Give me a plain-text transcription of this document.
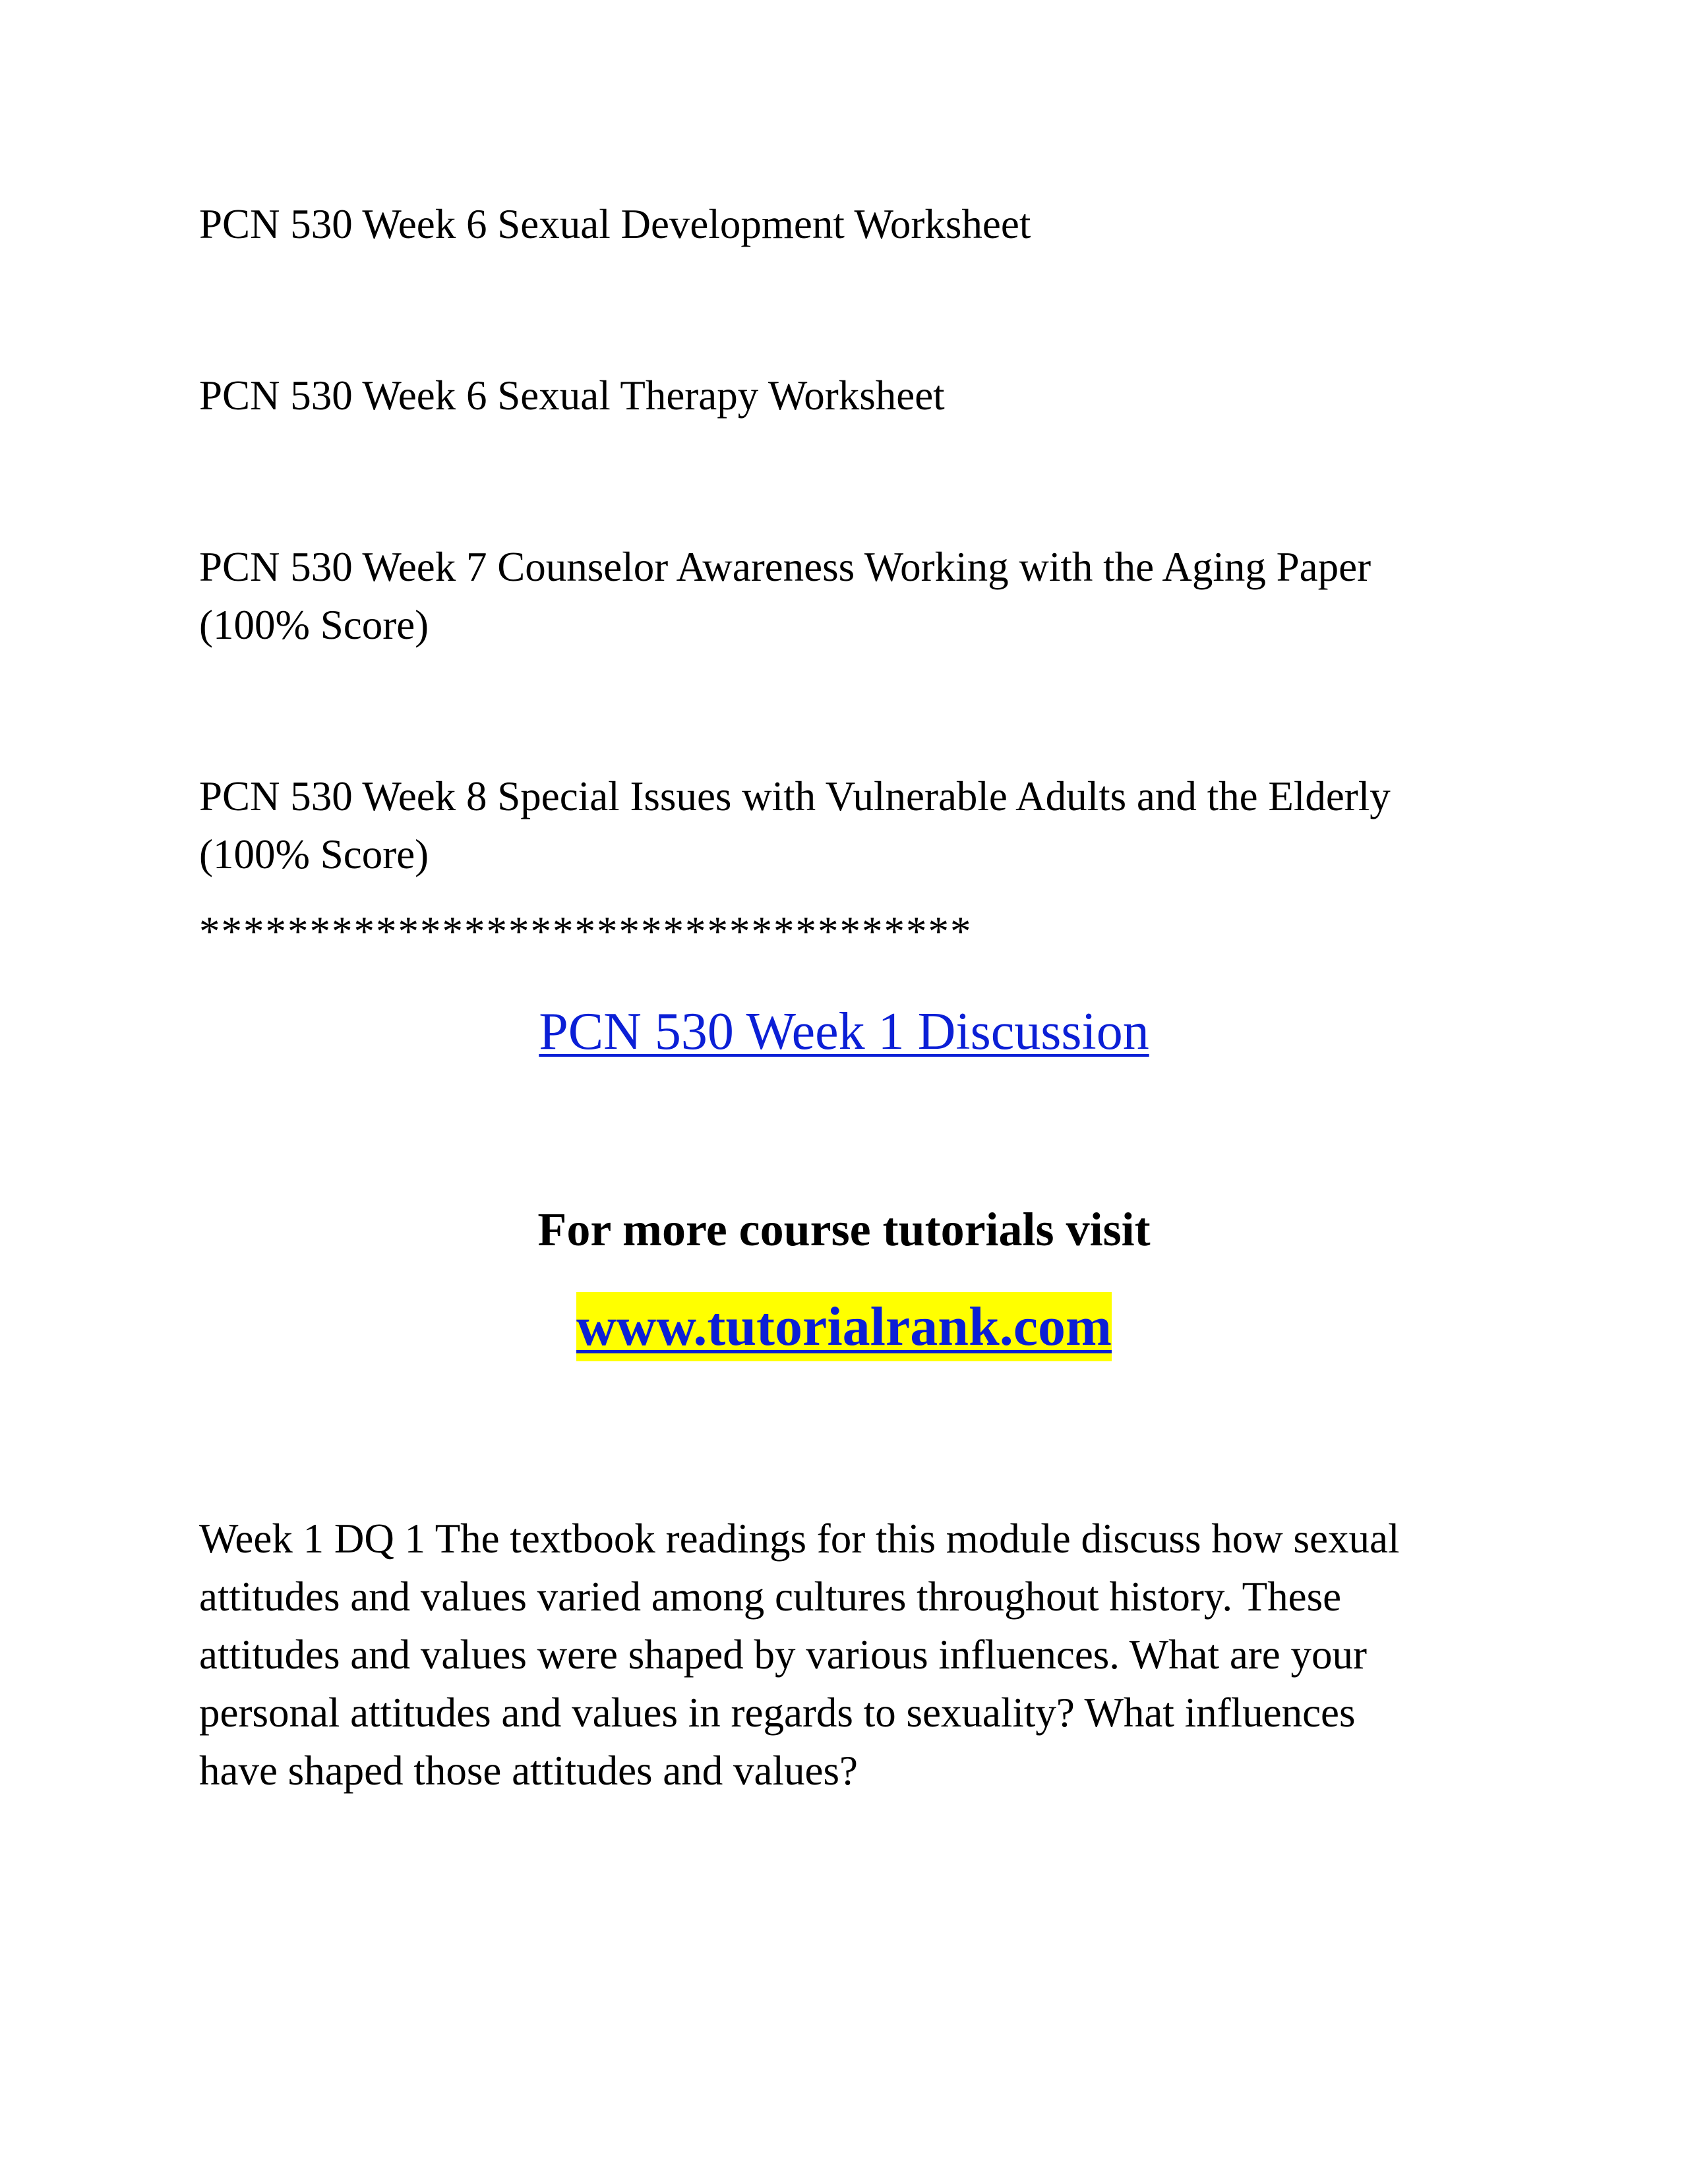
PCN 530 Week 6 Sexual Development Worksheet

PCN 530 Week 6 Sexual Therapy Worksheet

PCN 530 Week 7 Counselor Awareness Working with the Aging Paper
(100% Score)
PCN 530 Week 8 Special Issues with Vulnerable Adults and the Elderly
(100% Score)
***********************************
PCN 530 Week 1 Discussion
For more course tutorials visit
www.tutorialrank.com
Week 1 DQ 1 The textbook readings for this module discuss how sexual
attitudes and values varied among cultures throughout history. These
attitudes and values were shaped by various influences. What are your
personal attitudes and values in regards to sexuality? What influences
have shaped those attitudes and values?
